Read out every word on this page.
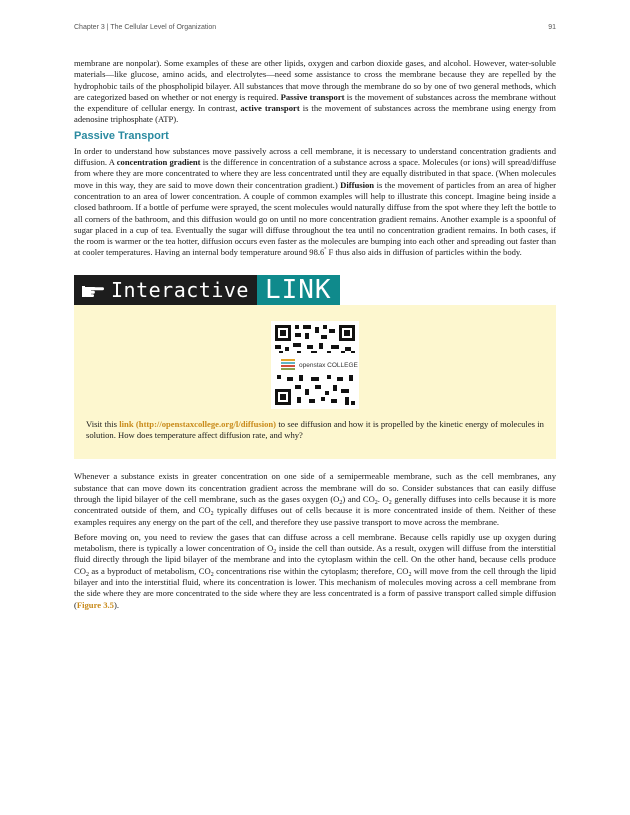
Chapter 3 | The Cellular Level of Organization	91

membrane are nonpolar). Some examples of these are other lipids, oxygen and carbon dioxide gases, and alcohol. However, water-soluble materials—like glucose, amino acids, and electrolytes—need some assistance to cross the membrane because they are repelled by the hydrophobic tails of the phospholipid bilayer. All substances that move through the membrane do so by one of two general methods, which are categorized based on whether or not energy is required. Passive transport is the movement of substances across the membrane without the expenditure of cellular energy. In contrast, active transport is the movement of substances across the membrane using energy from adenosine triphosphate (ATP).

Passive Transport

In order to understand how substances move passively across a cell membrane, it is necessary to understand concentration gradients and diffusion. A concentration gradient is the difference in concentration of a substance across a space. Molecules (or ions) will spread/diffuse from where they are more concentrated to where they are less concentrated until they are equally distributed in that space. (When molecules move in this way, they are said to move down their concentration gradient.) Diffusion is the movement of particles from an area of higher concentration to an area of lower concentration. A couple of common examples will help to illustrate this concept. Imagine being inside a closed bathroom. If a bottle of perfume were sprayed, the scent molecules would naturally diffuse from the spot where they left the bottle to all corners of the bathroom, and this diffusion would go on until no more concentration gradient remains. Another example is a spoonful of sugar placed in a cup of tea. Eventually the sugar will diffuse throughout the tea until no concentration gradient remains. In both cases, if the room is warmer or the tea hotter, diffusion occurs even faster as the molecules are bumping into each other and spreading out faster than at cooler temperatures. Having an internal body temperature around 98.6° F thus also aids in diffusion of particles within the body.

Interactive LINK
openstax COLLEGE

Visit this link (http://openstaxcollege.org/l/diffusion) to see diffusion and how it is propelled by the kinetic energy of molecules in solution. How does temperature affect diffusion rate, and why?

Whenever a substance exists in greater concentration on one side of a semipermeable membrane, such as the cell membranes, any substance that can move down its concentration gradient across the membrane will do so. Consider substances that can easily diffuse through the lipid bilayer of the cell membrane, such as the gases oxygen $(O_2)$ and $CO_2$. $O_2$ generally diffuses into cells because it is more concentrated outside of them, and $CO_2$ typically diffuses out of cells because it is more concentrated inside of them. Neither of these examples requires any energy on the part of the cell, and therefore they use passive transport to move across the membrane.

Before moving on, you need to review the gases that can diffuse across a cell membrane. Because cells rapidly use up oxygen during metabolism, there is typically a lower concentration of $O_2$ inside the cell than outside. As a result, oxygen will diffuse from the interstitial fluid directly through the lipid bilayer of the membrane and into the cytoplasm within the cell. On the other hand, because cells produce $CO_2$ as a byproduct of metabolism, $CO_2$ concentrations rise within the cytoplasm; therefore, $CO_2$ will move from the cell through the lipid bilayer and into the interstitial fluid, where its concentration is lower. This mechanism of molecules moving across a cell membrane from the side where they are more concentrated to the side where they are less concentrated is a form of passive transport called simple diffusion (Figure 3.5).
